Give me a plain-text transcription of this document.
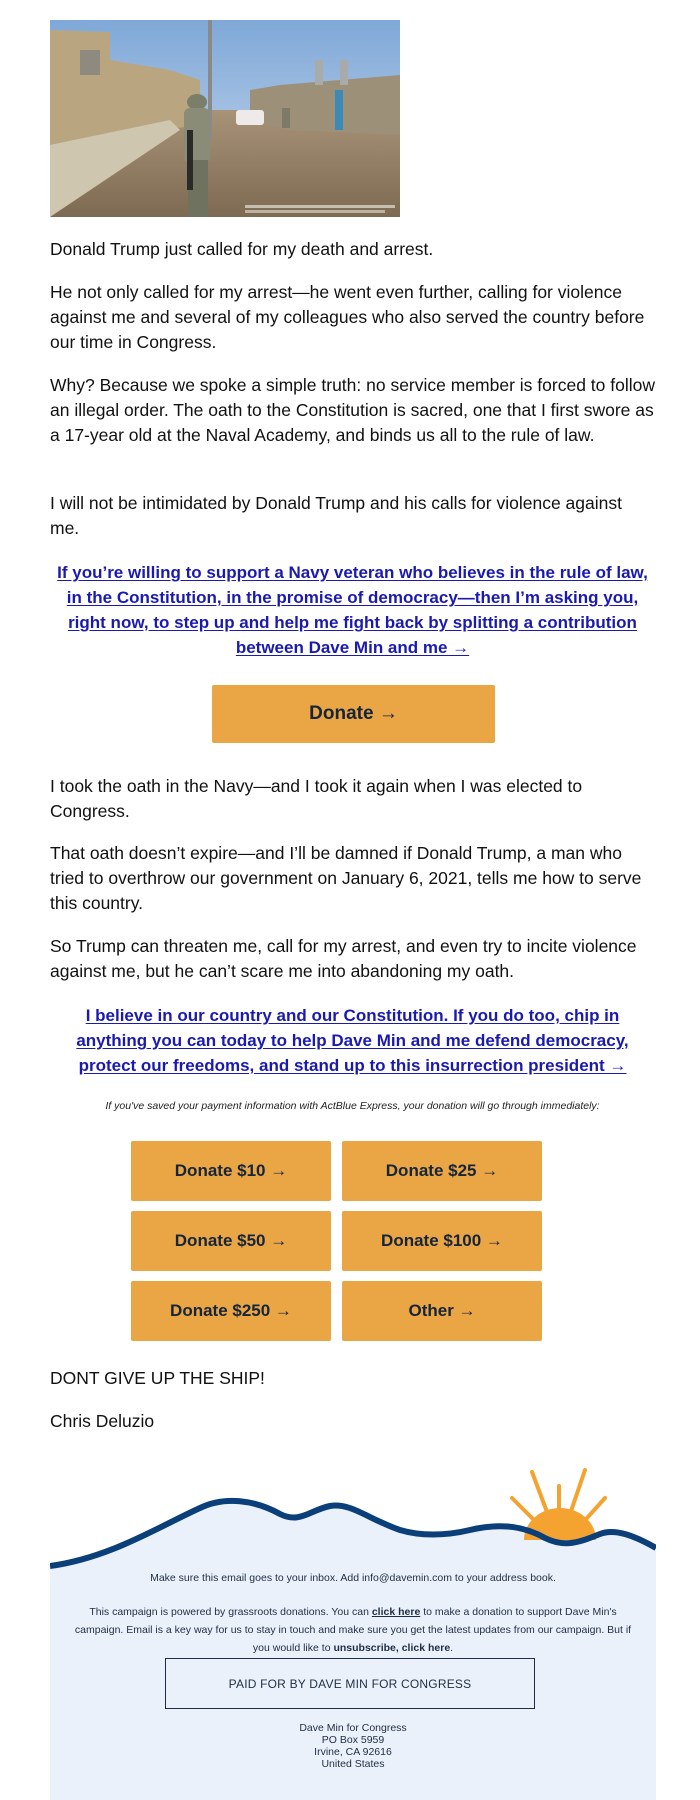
Donald Trump just called for my death and arrest.

He not only called for my arrest—he went even further, calling for violence against me and several of my colleagues who also served the country before our time in Congress.

Why? Because we spoke a simple truth: no service member is forced to follow an illegal order. The oath to the Constitution is sacred, one that I first swore as a 17-year old at the Naval Academy, and binds us all to the rule of law.

I will not be intimidated by Donald Trump and his calls for violence against me.

If you’re willing to support a Navy veteran who believes in the rule of law, in the Constitution, in the promise of democracy—then I’m asking you, right now, to step up and help me fight back by splitting a contribution between Dave Min and me →

Donate →

I took the oath in the Navy—and I took it again when I was elected to Congress.

That oath doesn’t expire—and I’ll be damned if Donald Trump, a man who tried to overthrow our government on January 6, 2021, tells me how to serve this country.

So Trump can threaten me, call for my arrest, and even try to incite violence against me, but he can’t scare me into abandoning my oath.

I believe in our country and our Constitution. If you do too, chip in anything you can today to help Dave Min and me defend democracy, protect our freedoms, and stand up to this insurrection president →

If you've saved your payment information with ActBlue Express, your donation will go through immediately:

Donate $10 →	Donate $25 →
Donate $50 →	Donate $100 →
Donate $250 →	Other →

DONT GIVE UP THE SHIP!

Chris Deluzio

Make sure this email goes to your inbox. Add info@davemin.com to your address book.

This campaign is powered by grassroots donations. You can click here to make a donation to support Dave Min's campaign. Email is a key way for us to stay in touch and make sure you get the latest updates from our campaign. But if you would like to unsubscribe, click here.

PAID FOR BY DAVE MIN FOR CONGRESS
Dave Min for Congress
PO Box 5959
Irvine, CA 92616
United States
